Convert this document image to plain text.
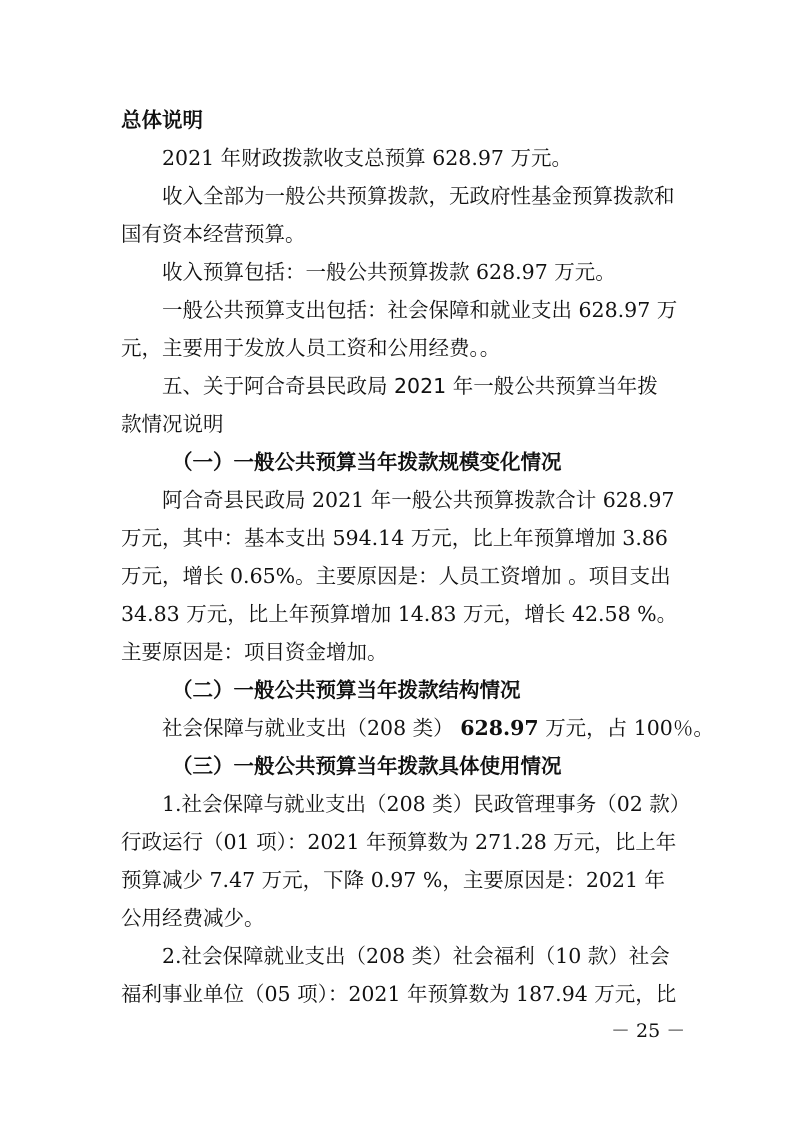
总体说明
2021 年财政拨款收支总预算 628.97 万元。
收入全部为一般公共预算拨款，无政府性基金预算拨款和
国有资本经营预算。
收入预算包括：一般公共预算拨款 628.97 万元。
一般公共预算支出包括：社会保障和就业支出 628.97 万
元，主要用于发放人员工资和公用经费。。
五、关于阿合奇县民政局 2021 年一般公共预算当年拨
款情况说明
（一）一般公共预算当年拨款规模变化情况
阿合奇县民政局 2021 年一般公共预算拨款合计 628.97
万元，其中：基本支出 594.14 万元，比上年预算增加 3.86
万元，增长 0.65%。主要原因是：人员工资增加 。项目支出
34.83 万元，比上年预算增加 14.83 万元，增长 42.58 %。
主要原因是：项目资金增加。
（二）一般公共预算当年拨款结构情况
社会保障与就业支出（208 类） 628.97 万元，占 100％。
（三）一般公共预算当年拨款具体使用情况
1.社会保障与就业支出（208 类）民政管理事务（02 款）
行政运行（01 项）：2021 年预算数为 271.28 万元，比上年
预算减少 7.47 万元，下降 0.97 %，主要原因是：2021 年
公用经费减少。
2.社会保障就业支出（208 类）社会福利（10 款）社会
福利事业单位（05 项）：2021 年预算数为 187.94 万元，比
－ 25 －
